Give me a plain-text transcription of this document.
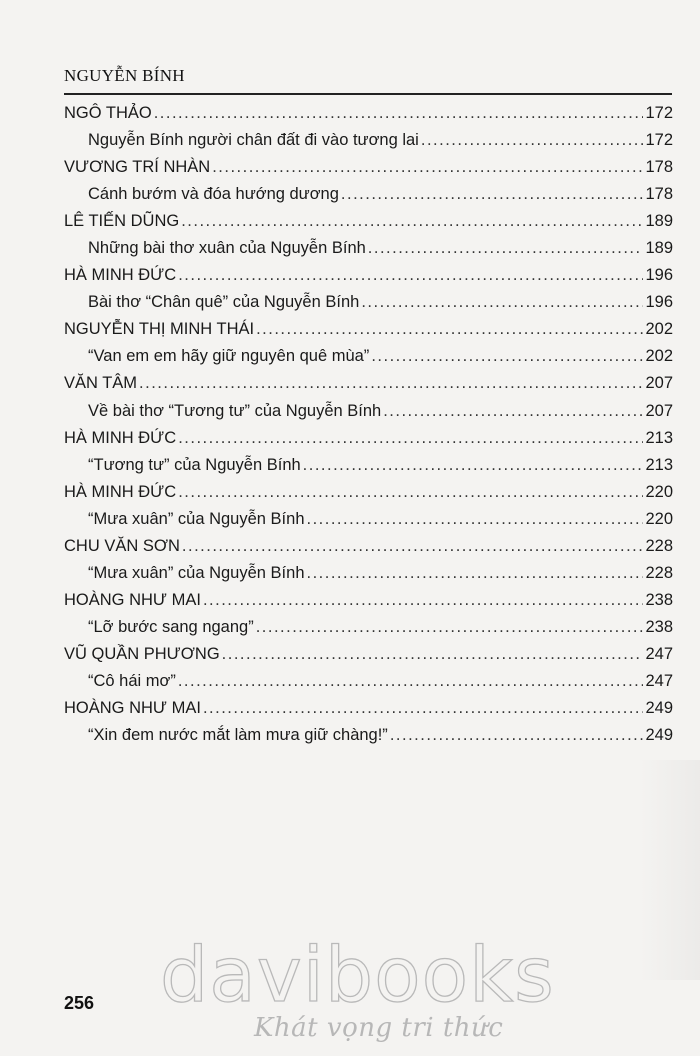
NGUYỄN BÍNH
NGÔ THẢO .....	172
Nguyễn Bính người chân đất đi vào tương lai .....	172
VƯƠNG TRÍ NHÀN .....	178
Cánh bướm và đóa hướng dương .....	178
LÊ TIẾN DŨNG .....	189
Những bài thơ xuân của Nguyễn Bính .....	189
HÀ MINH ĐỨC .....	196
Bài thơ “Chân quê” của Nguyễn Bính .....	196
NGUYỄN THỊ MINH THÁI .....	202
“Van em em hãy giữ nguyên quê mùa” .....	202
VĂN TÂM .....	207
Về bài thơ “Tương tư” của Nguyễn Bính .....	207
HÀ MINH ĐỨC .....	213
“Tương tư” của Nguyễn Bính .....	213
HÀ MINH ĐỨC .....	220
“Mưa xuân” của Nguyễn Bính .....	220
CHU VĂN SƠN .....	228
“Mưa xuân” của Nguyễn Bính .....	228
HOÀNG NHƯ MAI .....	238
“Lỡ bước sang ngang” .....	238
VŨ QUẦN PHƯƠNG .....	247
“Cô hái mơ” .....	247
HOÀNG NHƯ MAI .....	249
“Xin đem nước mắt làm mưa giữ chàng!” .....	249
davibooks
Khát vọng tri thức
256
